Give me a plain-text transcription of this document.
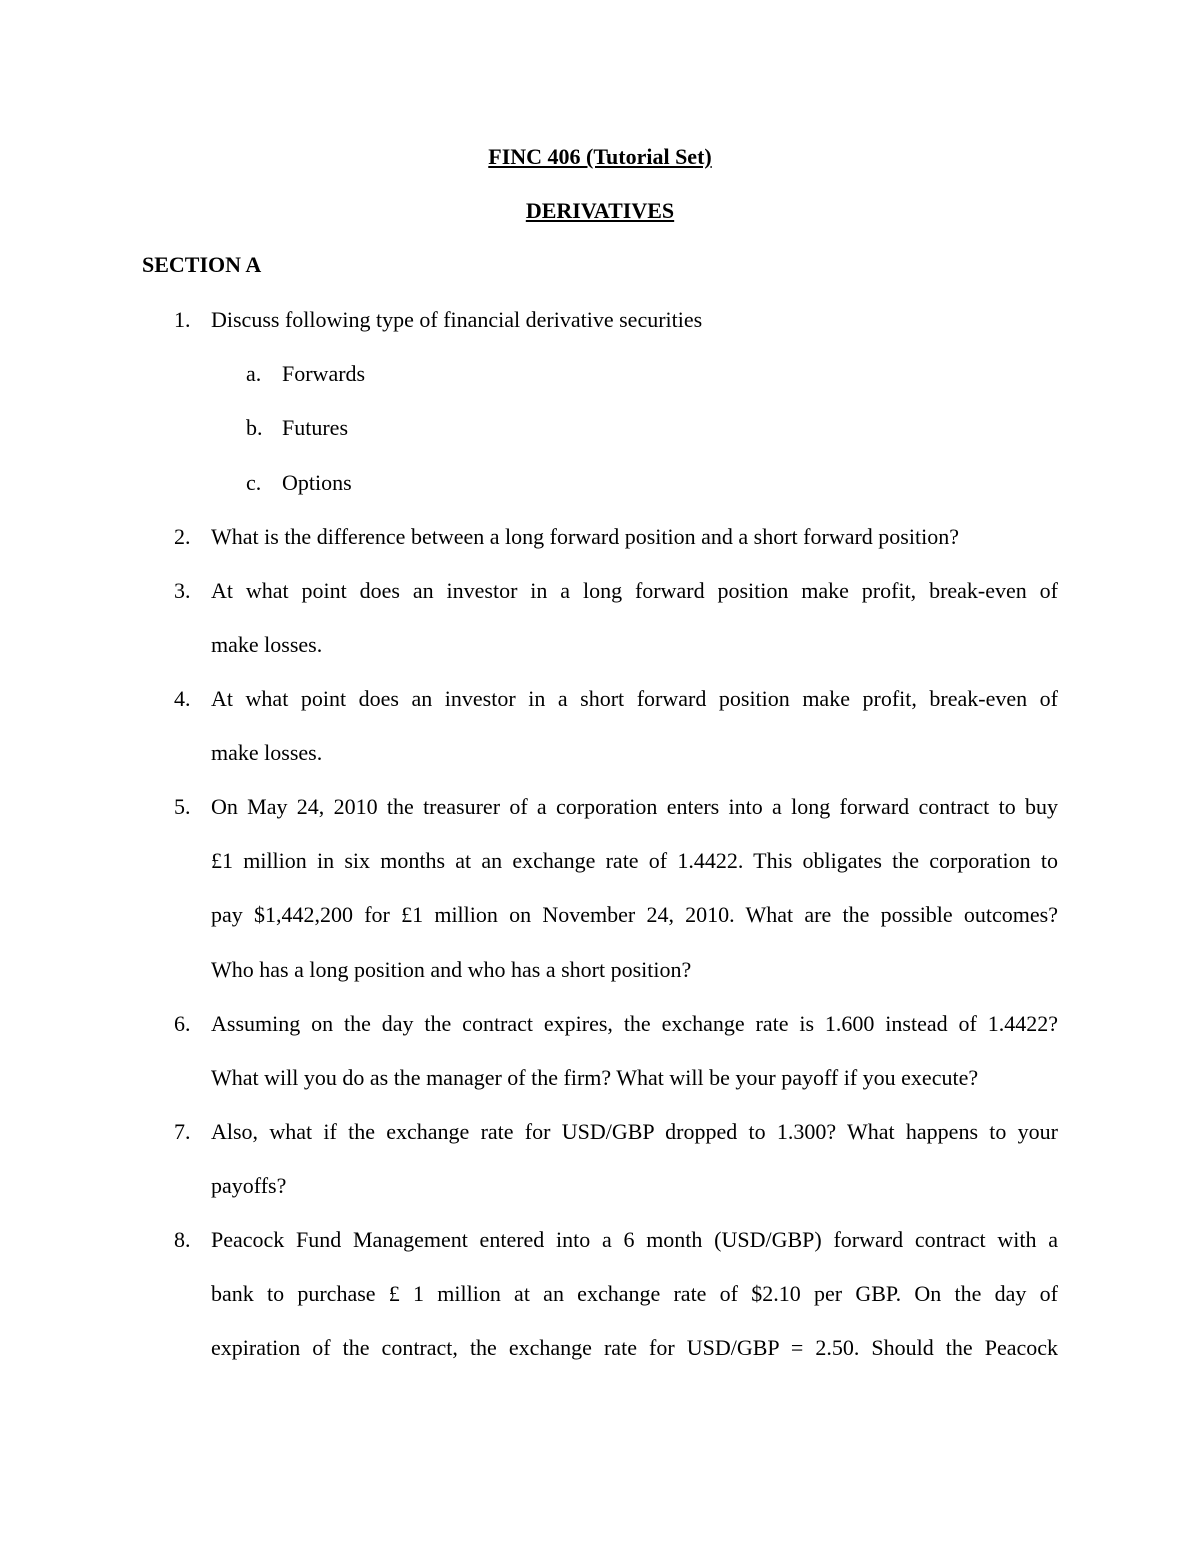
FINC 406 (Tutorial Set)
DERIVATIVES
SECTION A
1. Discuss following type of financial derivative securities
a. Forwards
b. Futures
c. Options
2. What is the difference between a long forward position and a short forward position?
3. At what point does an investor in a long forward position make profit, break-even of
make losses.
4. At what point does an investor in a short forward position make profit, break-even of
make losses.
5. On May 24, 2010 the treasurer of a corporation enters into a long forward contract to buy
£1 million in six months at an exchange rate of 1.4422. This obligates the corporation to
pay $1,442,200 for £1 million on November 24, 2010. What are the possible outcomes?
Who has a long position and who has a short position?
6. Assuming on the day the contract expires, the exchange rate is 1.600 instead of 1.4422?
What will you do as the manager of the firm? What will be your payoff if you execute?
7. Also, what if the exchange rate for USD/GBP dropped to 1.300? What happens to your
payoffs?
8. Peacock Fund Management entered into a 6 month (USD/GBP) forward contract with a
bank to purchase £ 1 million at an exchange rate of $2.10 per GBP. On the day of
expiration of the contract, the exchange rate for USD/GBP = 2.50. Should the Peacock
